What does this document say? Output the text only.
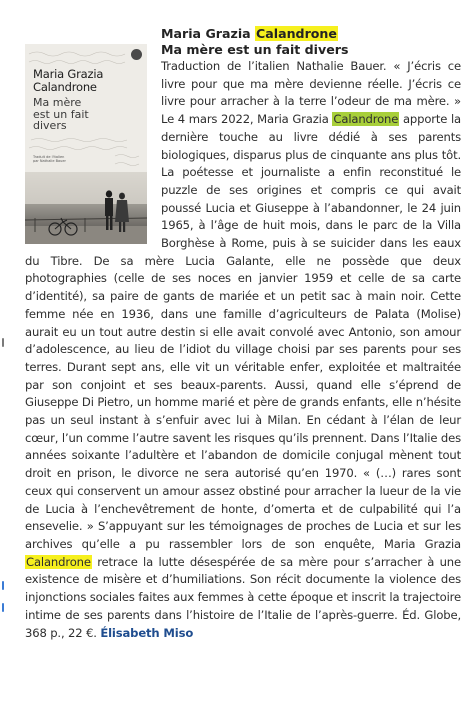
Maria Grazia
Calandrone
Ma mère
est un fait
divers
Traduit de l'italien
par Nathalie Bauer
Maria Grazia Calandrone
Ma mère est un fait divers
Traduction de l’italien Nathalie Bauer. « J’écris ce livre pour que ma mère devienne réelle. J’écris ce livre pour arracher à la terre l’odeur de ma mère. » Le 4 mars 2022, Maria Grazia Calandrone apporte la dernière touche au livre dédié à ses parents biologiques, disparus plus de cinquante ans plus tôt. La poétesse et journaliste a enfin reconstitué le puzzle de ses origines et compris ce qui avait poussé Lucia et Giuseppe à l’abandonner, le 24 juin 1965, à l’âge de huit mois, dans le parc de la Villa Borghèse à Rome, puis à se suicider dans les eaux du Tibre. De sa mère Lucia Galante, elle ne possède que deux photographies (celle de ses noces en janvier 1959 et celle de sa carte d’identité), sa paire de gants de mariée et un petit sac à main noir. Cette femme née en 1936, dans une famille d’agriculteurs de Palata (Molise) aurait eu un tout autre destin si elle avait convolé avec Antonio, son amour d’adolescence, au lieu de l’idiot du village choisi par ses parents pour ses terres. Durant sept ans, elle vit un véritable enfer, exploitée et maltraitée par son conjoint et ses beaux-parents. Aussi, quand elle s’éprend de Giuseppe Di Pietro, un homme marié et père de grands enfants, elle n’hésite pas un seul instant à s’enfuir avec lui à Milan. En cédant à l’élan de leur cœur, l’un comme l’autre savent les risques qu’ils prennent. Dans l’Italie des années soixante l’adultère et l’abandon de domicile conjugal mènent tout droit en prison, le divorce ne sera autorisé qu’en 1970. « (…) rares sont ceux qui conservent un amour assez obstiné pour arracher la lueur de la vie de Lucia à l’enchevêtrement de honte, d’omerta et de culpabilité qui l’a ensevelie. » S’appuyant sur les témoignages de proches de Lucia et sur les archives qu’elle a pu rassembler lors de son enquête, Maria Grazia Calandrone retrace la lutte désespérée de sa mère pour s’arracher à une existence de misère et d’humiliations. Son récit documente la violence des injonctions sociales faites aux femmes à cette époque et inscrit la trajectoire intime de ses parents dans l’histoire de l’Italie de l’après-guerre. Éd. Globe, 368 p., 22 €. Élisabeth Miso
